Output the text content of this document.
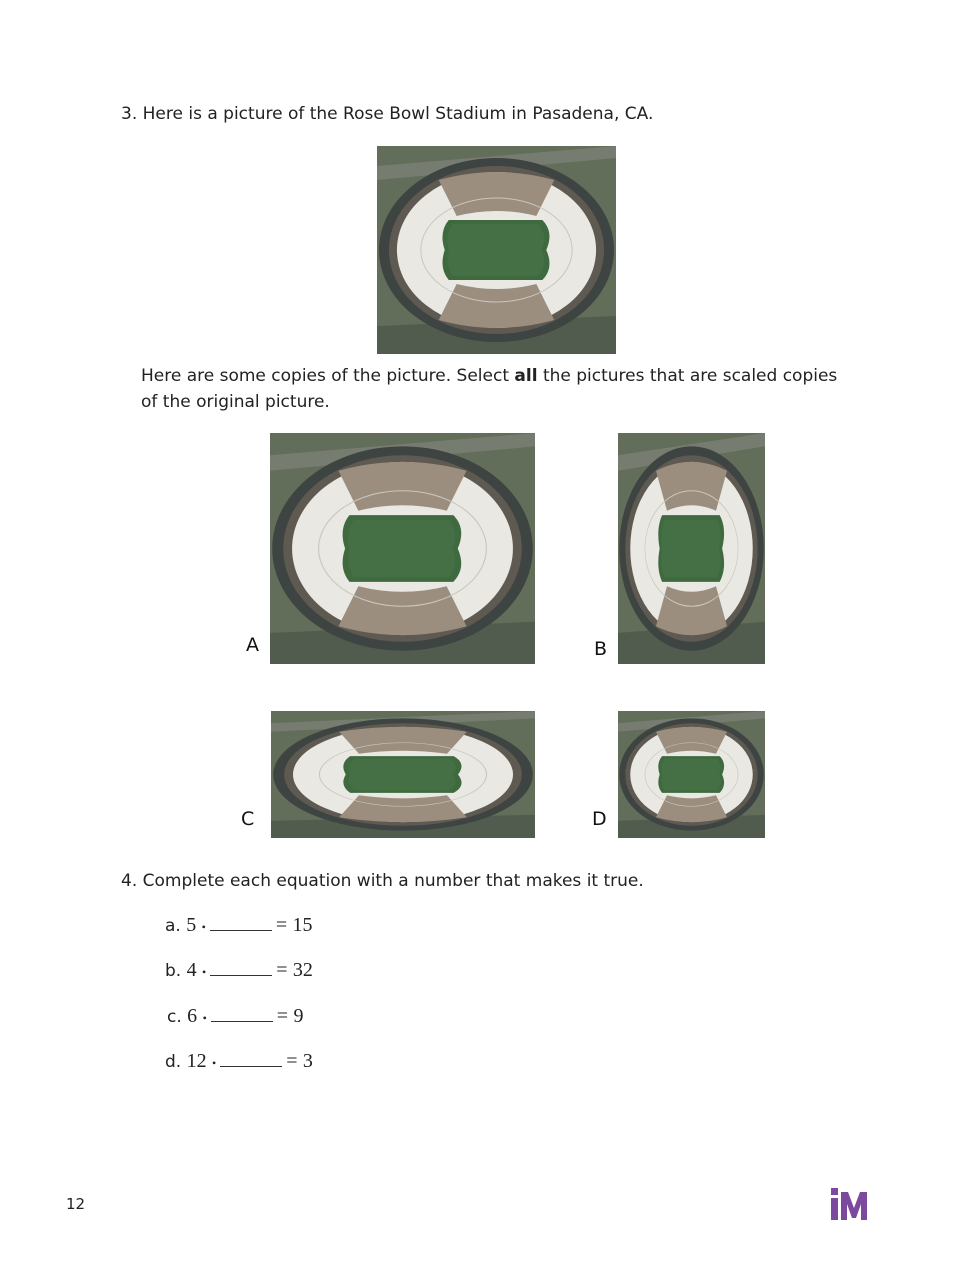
3. Here is a picture of the Rose Bowl Stadium in Pasadena, CA.
Here are some copies of the picture. Select all the pictures that are scaled copies of the original picture.
A	B
C	D
4. Complete each equation with a number that makes it true.
a. 5 •	= 15
b. 4 •	= 32
c. 6 •	= 9
d. 12 •	= 3
12
